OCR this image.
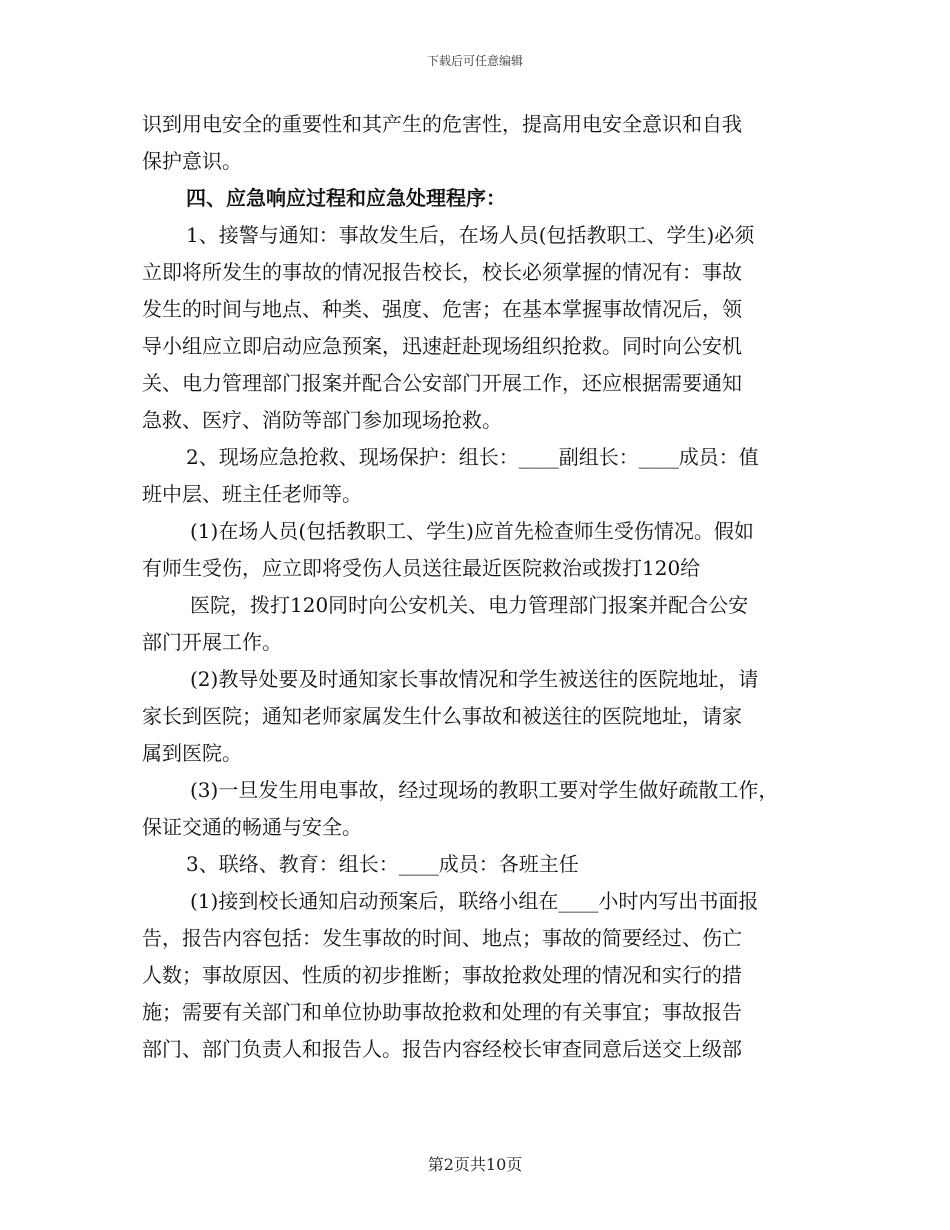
下载后可任意编辑

识到用电安全的重要性和其产生的危害性，提高用电安全意识和自我

保护意识。

四、应急响应过程和应急处理程序：

1、接警与通知：事故发生后，在场人员(包括教职工、学生)必须

立即将所发生的事故的情况报告校长，校长必须掌握的情况有：事故

发生的时间与地点、种类、强度、危害；在基本掌握事故情况后，领

导小组应立即启动应急预案，迅速赶赴现场组织抢救。同时向公安机

关、电力管理部门报案并配合公安部门开展工作，还应根据需要通知

急救、医疗、消防等部门参加现场抢救。

2、现场应急抢救、现场保护：组长：____副组长：____成员：值

班中层、班主任老师等。

(1)在场人员(包括教职工、学生)应首先检查师生受伤情况。假如

有师生受伤，应立即将受伤人员送往最近医院救治或拨打120给

医院，拨打120同时向公安机关、电力管理部门报案并配合公安

部门开展工作。

(2)教导处要及时通知家长事故情况和学生被送往的医院地址，请

家长到医院；通知老师家属发生什么事故和被送往的医院地址，请家

属到医院。

(3)一旦发生用电事故，经过现场的教职工要对学生做好疏散工作，

保证交通的畅通与安全。

3、联络、教育：组长：____成员：各班主任

(1)接到校长通知启动预案后，联络小组在____小时内写出书面报

告，报告内容包括：发生事故的时间、地点；事故的简要经过、伤亡

人数；事故原因、性质的初步推断；事故抢救处理的情况和实行的措

施；需要有关部门和单位协助事故抢救和处理的有关事宜；事故报告

部门、部门负责人和报告人。报告内容经校长审查同意后送交上级部

第2页共10页
